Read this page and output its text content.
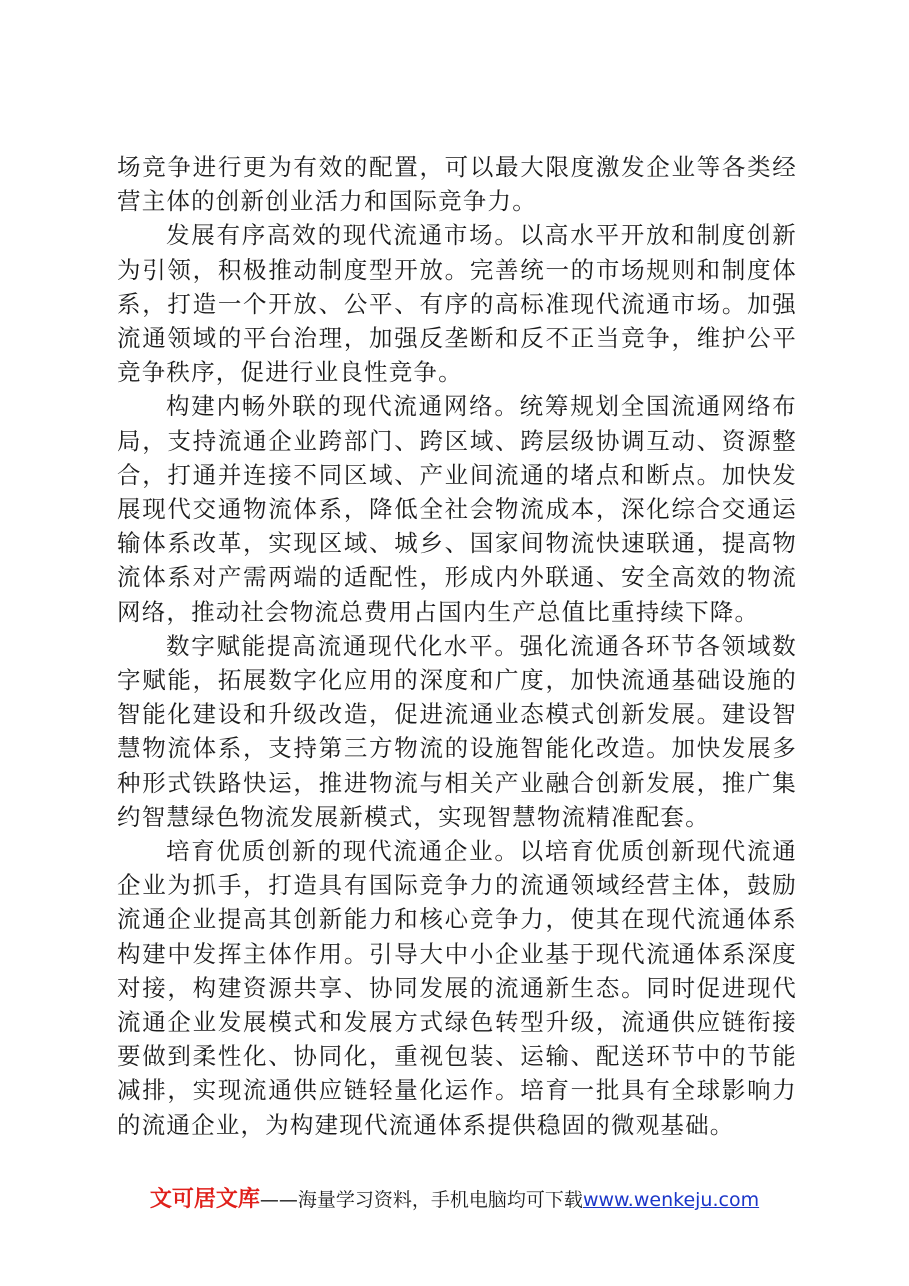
场竞争进行更为有效的配置，可以最大限度激发企业等各类经营主体的创新创业活力和国际竞争力。

发展有序高效的现代流通市场。以高水平开放和制度创新为引领，积极推动制度型开放。完善统一的市场规则和制度体系，打造一个开放、公平、有序的高标准现代流通市场。加强流通领域的平台治理，加强反垄断和反不正当竞争，维护公平竞争秩序，促进行业良性竞争。

构建内畅外联的现代流通网络。统筹规划全国流通网络布局，支持流通企业跨部门、跨区域、跨层级协调互动、资源整合，打通并连接不同区域、产业间流通的堵点和断点。加快发展现代交通物流体系，降低全社会物流成本，深化综合交通运输体系改革，实现区域、城乡、国家间物流快速联通，提高物流体系对产需两端的适配性，形成内外联通、安全高效的物流网络，推动社会物流总费用占国内生产总值比重持续下降。

数字赋能提高流通现代化水平。强化流通各环节各领域数字赋能，拓展数字化应用的深度和广度，加快流通基础设施的智能化建设和升级改造，促进流通业态模式创新发展。建设智慧物流体系，支持第三方物流的设施智能化改造。加快发展多种形式铁路快运，推进物流与相关产业融合创新发展，推广集约智慧绿色物流发展新模式，实现智慧物流精准配套。

培育优质创新的现代流通企业。以培育优质创新现代流通企业为抓手，打造具有国际竞争力的流通领域经营主体，鼓励流通企业提高其创新能力和核心竞争力，使其在现代流通体系构建中发挥主体作用。引导大中小企业基于现代流通体系深度对接，构建资源共享、协同发展的流通新生态。同时促进现代流通企业发展模式和发展方式绿色转型升级，流通供应链衔接要做到柔性化、协同化，重视包装、运输、配送环节中的节能减排，实现流通供应链轻量化运作。培育一批具有全球影响力的流通企业，为构建现代流通体系提供稳固的微观基础。

文可居文库——海量学习资料，手机电脑均可下载www.wenkeju.com
